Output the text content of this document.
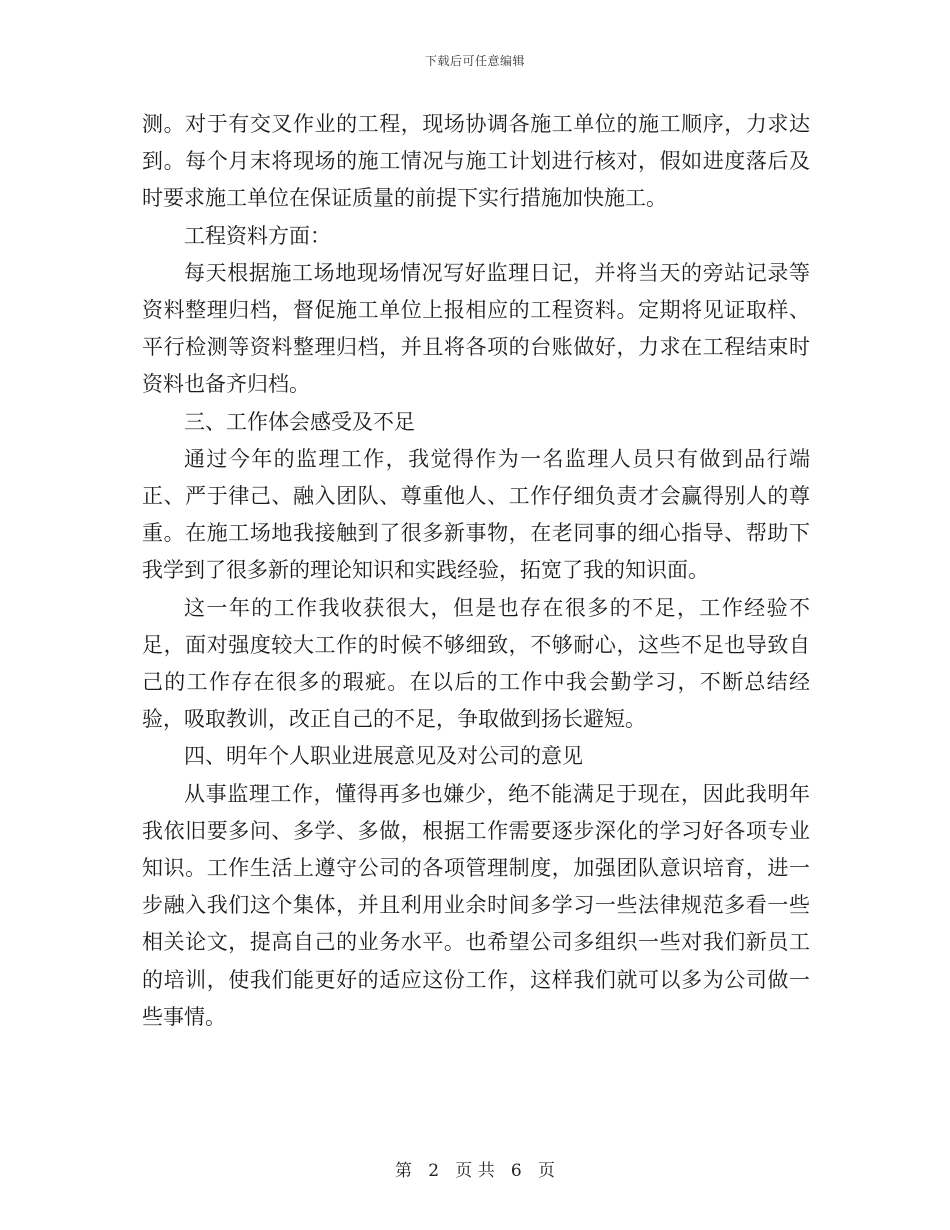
下载后可任意编辑

测。对于有交叉作业的工程，现场协调各施工单位的施工顺序，力求达到。每个月末将现场的施工情况与施工计划进行核对，假如进度落后及时要求施工单位在保证质量的前提下实行措施加快施工。

工程资料方面：

每天根据施工场地现场情况写好监理日记，并将当天的旁站记录等资料整理归档，督促施工单位上报相应的工程资料。定期将见证取样、平行检测等资料整理归档，并且将各项的台账做好，力求在工程结束时资料也备齐归档。

三、工作体会感受及不足

通过今年的监理工作，我觉得作为一名监理人员只有做到品行端正、严于律己、融入团队、尊重他人、工作仔细负责才会赢得别人的尊重。在施工场地我接触到了很多新事物，在老同事的细心指导、帮助下我学到了很多新的理论知识和实践经验，拓宽了我的知识面。

这一年的工作我收获很大，但是也存在很多的不足，工作经验不足，面对强度较大工作的时候不够细致，不够耐心，这些不足也导致自己的工作存在很多的瑕疵。在以后的工作中我会勤学习，不断总结经验，吸取教训，改正自己的不足，争取做到扬长避短。

四、明年个人职业进展意见及对公司的意见

从事监理工作，懂得再多也嫌少，绝不能满足于现在，因此我明年我依旧要多问、多学、多做，根据工作需要逐步深化的学习好各项专业知识。工作生活上遵守公司的各项管理制度，加强团队意识培育，进一步融入我们这个集体，并且利用业余时间多学习一些法律规范多看一些相关论文，提高自己的业务水平。也希望公司多组织一些对我们新员工的培训，使我们能更好的适应这份工作，这样我们就可以多为公司做一些事情。

第 2 页 共 6 页
